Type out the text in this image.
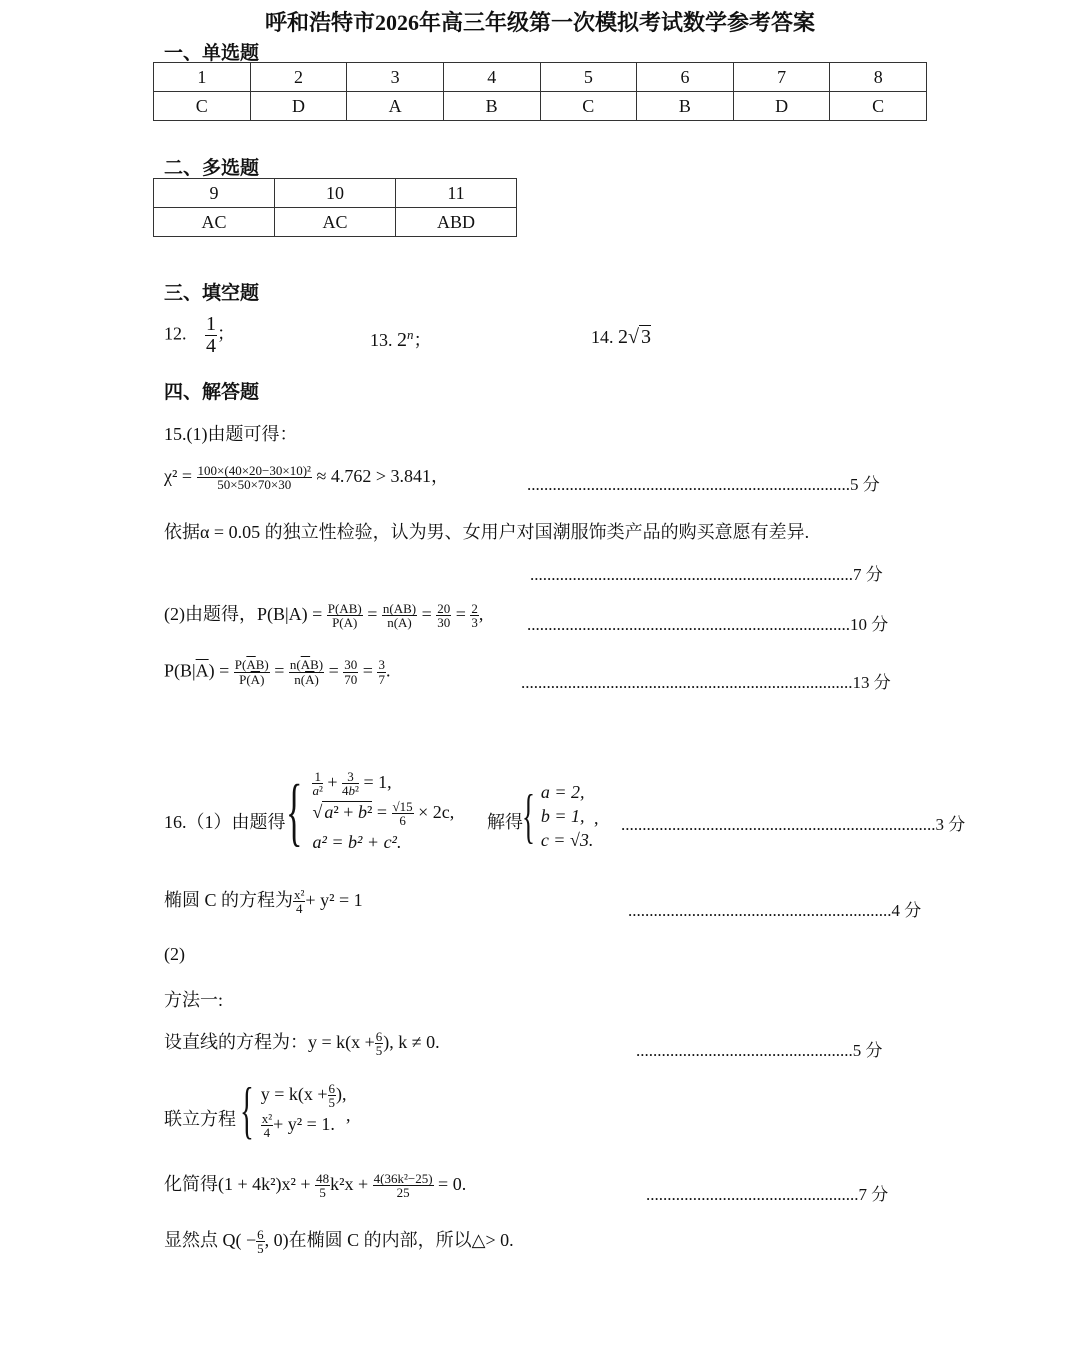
呼和浩特市2026年高三年级第一次模拟考试数学参考答案
一、单选题
1	2	3	4	5	6	7	8
C	D	A	B	C	B	D	C
二、多选题
9	10	11
AC	AC	ABD
三、填空题
12. $\frac{1}{4}$ ；	13. 2$^n$；	14. 2√ 3
四、解答题
15.(1)由题可得：
$\chi^2 = \frac{\text{100×(40×20−30×10)²}}{50\times 50\times 70\times 30} \approx 4.762 > 3.841$，	............................................................................5 分
依据α = 0.05 的独立性检验，认为男、女用户对国潮服饰类产品的购买意愿有差异.
............................................................................7 分
(2)由题得，$P(B|A) = \frac{P(AB)}{P(A)} = \frac{n(AB)}{n(A)} = \frac{20}{30} = \frac{2}{3}$ ,
............................................................................10 分
$P(B|\overline{A}) = \frac{P(\overline{A}B)}{P(\overline{A})} = \frac{n(\overline{A}B)}{n(\overline{A})} = \frac{30}{70} = \frac{3}{7}$ .
..............................................................................13 分
16.（1）由题得 { $\frac{1}{\text{a²}} + \frac{3}{\text{4b²}} = 1$,
√ $a^2 + b^2 = \frac{√15}{6} \times 2c$,
a² = b² + c².
解得 { a = 2,
b = 1,
c = √3.
, ..........................................................................3 分
椭圆 C 的方程为 $\frac{\text{x²}}{4} + y^2 = 1$
..............................................................4 分
(2)
方法一:
设直线的方程为：$y = k(x + \frac{6}{5}$ ), k ≠ 0.	...................................................5 分
联立方程 { $y = k(x + \frac{6}{5}$ ),
$\frac{\text{x²}}{4} + y^2 = 1$. ,
化简得$(1 + 4k^2)x^2 + \frac{48}{5} k^2x + \frac{\text{4(36k²−25)}}{25} = 0$.
..................................................7 分
显然点 $Q( - \frac{6}{5}$ , 0)在椭圆 C 的内部，所以△> 0.
